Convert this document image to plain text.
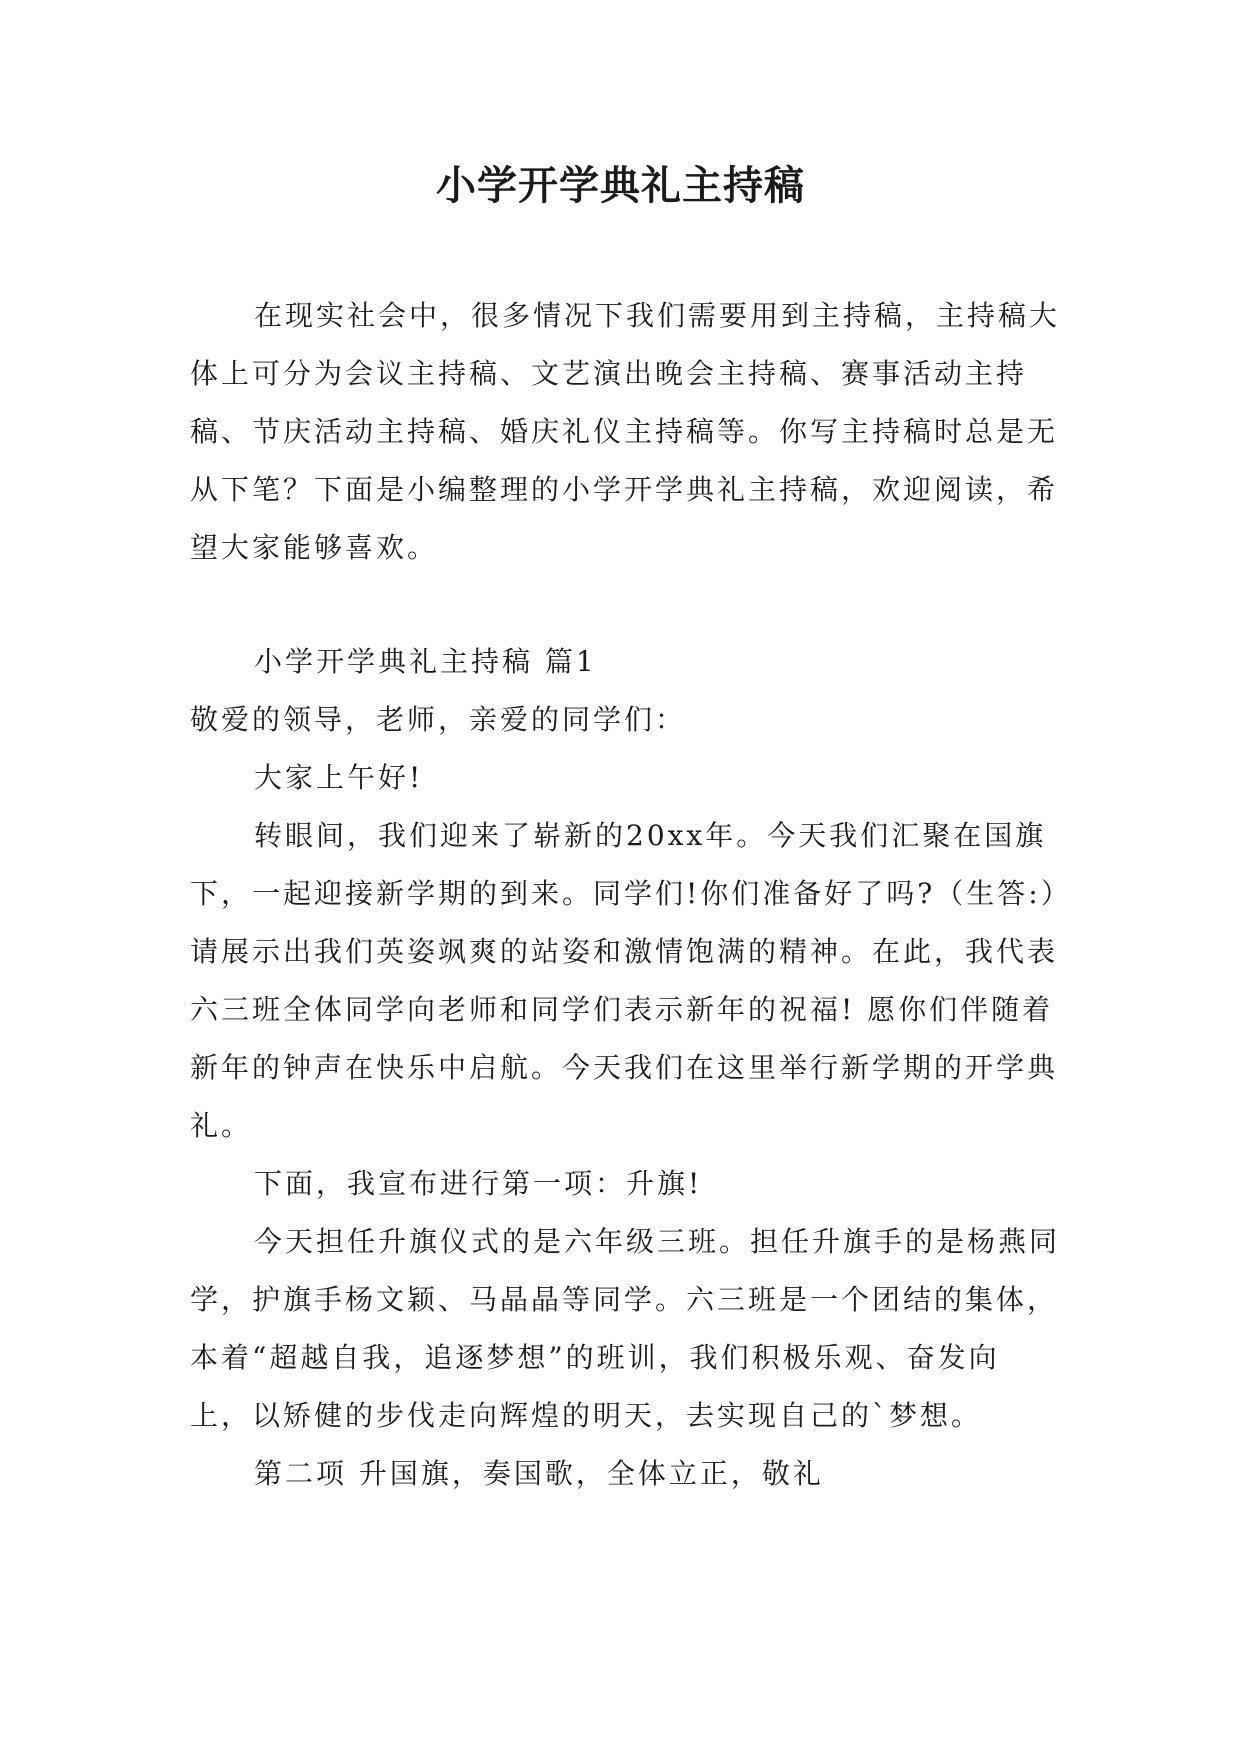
小学开学典礼主持稿

在现实社会中，很多情况下我们需要用到主持稿，主持稿大体上可分为会议主持稿、文艺演出晚会主持稿、赛事活动主持稿、节庆活动主持稿、婚庆礼仪主持稿等。你写主持稿时总是无从下笔？下面是小编整理的小学开学典礼主持稿，欢迎阅读，希望大家能够喜欢。

小学开学典礼主持稿 篇1

敬爱的领导，老师，亲爱的同学们：

大家上午好!

转眼间，我们迎来了崭新的20xx年。今天我们汇聚在国旗下，一起迎接新学期的到来。同学们!你们准备好了吗?（生答:）请展示出我们英姿飒爽的站姿和激情饱满的精神。在此，我代表六三班全体同学向老师和同学们表示新年的祝福! 愿你们伴随着新年的钟声在快乐中启航。今天我们在这里举行新学期的开学典礼。

下面，我宣布进行第一项：升旗!

今天担任升旗仪式的是六年级三班。担任升旗手的是杨燕同学，护旗手杨文颖、马晶晶等同学。六三班是一个团结的集体，本着“超越自我，追逐梦想”的班训，我们积极乐观、奋发向上，以矫健的步伐走向辉煌的明天，去实现自己的`梦想。

第二项 升国旗，奏国歌，全体立正，敬礼
